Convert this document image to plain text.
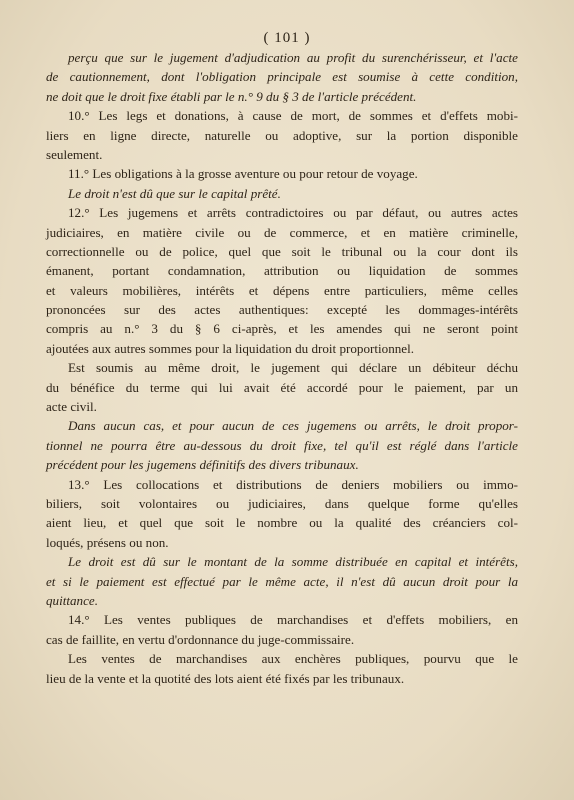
( 101 )
perçu que sur le jugement d'adjudication au profit du surenchérisseur, et l'acte
de cautionnement, dont l'obligation principale est soumise à cette condition,
ne doit que le droit fixe établi par le n.° 9 du § 3 de l'article précédent.
10.° Les legs et donations, à cause de mort, de sommes et d'effets mobi-
liers en ligne directe, naturelle ou adoptive, sur la portion disponible
seulement.
11.° Les obligations à la grosse aventure ou pour retour de voyage.
Le droit n'est dû que sur le capital prêté.
12.° Les jugemens et arrêts contradictoires ou par défaut, ou autres actes
judiciaires, en matière civile ou de commerce, et en matière criminelle,
correctionnelle ou de police, quel que soit le tribunal ou la cour dont ils
émanent, portant condamnation, attribution ou liquidation de sommes
et valeurs mobilières, intérêts et dépens entre particuliers, même celles
prononcées sur des actes authentiques: excepté les dommages-intérêts
compris au n.° 3 du § 6 ci-après, et les amendes qui ne seront point
ajoutées aux autres sommes pour la liquidation du droit proportionnel.
Est soumis au même droit, le jugement qui déclare un débiteur déchu
du bénéfice du terme qui lui avait été accordé pour le paiement, par un
acte civil.
Dans aucun cas, et pour aucun de ces jugemens ou arrêts, le droit propor-
tionnel ne pourra être au-dessous du droit fixe, tel qu'il est réglé dans l'article
précédent pour les jugemens définitifs des divers tribunaux.
13.° Les collocations et distributions de deniers mobiliers ou immo-
biliers, soit volontaires ou judiciaires, dans quelque forme qu'elles
aient lieu, et quel que soit le nombre ou la qualité des créanciers col-
loqués, présens ou non.
Le droit est dû sur le montant de la somme distribuée en capital et intérêts,
et si le paiement est effectué par le même acte, il n'est dû aucun droit pour la
quittance.
14.° Les ventes publiques de marchandises et d'effets mobiliers, en
cas de faillite, en vertu d'ordonnance du juge-commissaire.
Les ventes de marchandises aux enchères publiques, pourvu que le
lieu de la vente et la quotité des lots aient été fixés par les tribunaux.
